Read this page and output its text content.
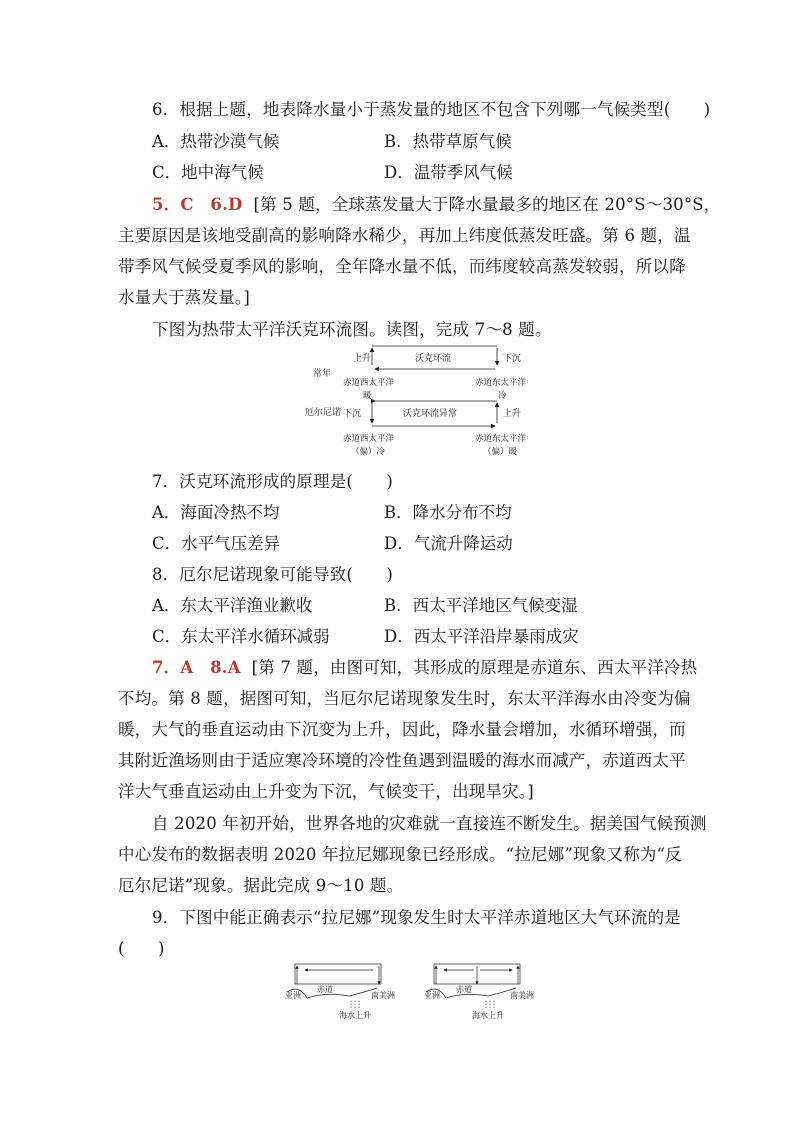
6．根据上题，地表降水量小于蒸发量的地区不包含下列哪一气候类型(　　)
A．热带沙漠气候	B．热带草原气候
C．地中海气候	D．温带季风气候
5．C　6.D [第 5 题，全球蒸发量大于降水量最多的地区在 20°S～30°S，
主要原因是该地受副高的影响降水稀少，再加上纬度低蒸发旺盛。第 6 题，温
带季风气候受夏季风的影响，全年降水量不低，而纬度较高蒸发较弱，所以降
水量大于蒸发量。]
下图为热带太平洋沃克环流图。读图，完成 7～8 题。
常年
上升	下沉
沃克环流
赤道西太平洋	赤道东太平洋
暖	冷
厄尔尼诺 下沉	上升
沃克环流异常
赤道西太平洋	赤道东太平洋
（偏）冷	（偏）暖
7．沃克环流形成的原理是(　　)
A．海面冷热不均	B．降水分布不均
C．水平气压差异	D．气流升降运动
8．厄尔尼诺现象可能导致(　　)
A．东太平洋渔业歉收	B．西太平洋地区气候变湿
C．东太平洋水循环减弱	D．西太平洋沿岸暴雨成灾
7．A　8.A [第 7 题，由图可知，其形成的原理是赤道东、西太平洋冷热
不均。第 8 题，据图可知，当厄尔尼诺现象发生时，东太平洋海水由冷变为偏
暖，大气的垂直运动由下沉变为上升，因此，降水量会增加，水循环增强，而
其附近渔场则由于适应寒冷环境的冷性鱼遇到温暖的海水而减产，赤道西太平
洋大气垂直运动由上升变为下沉，气候变干，出现旱灾。]
自 2020 年初开始，世界各地的灾难就一直接连不断发生。据美国气候预测
中心发布的数据表明 2020 年拉尼娜现象已经形成。“拉尼娜”现象又称为“反
厄尔尼诺”现象。据此完成 9～10 题。
9．下图中能正确表示“拉尼娜”现象发生时太平洋赤道地区大气环流的是
(　　)
亚洲
赤道
南美洲
海水上升
亚洲
赤道
南美洲
海水上升
